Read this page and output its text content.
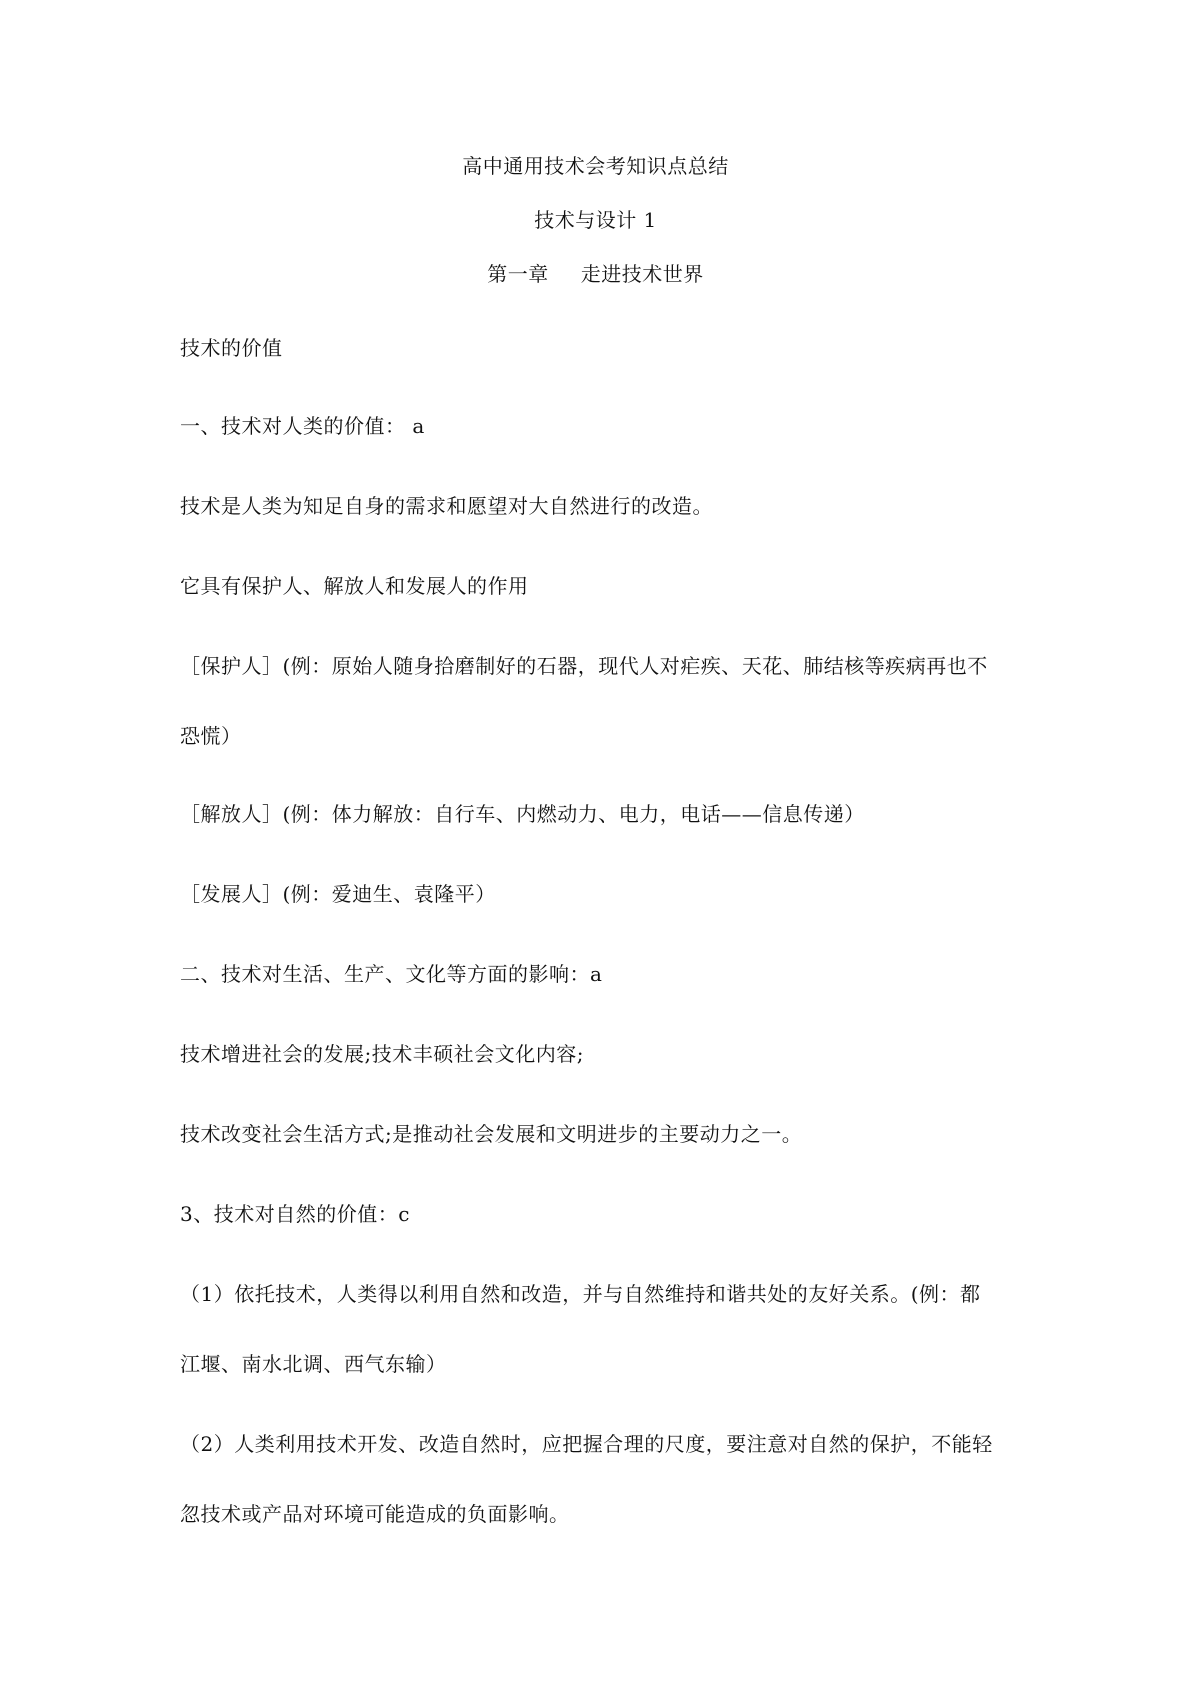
高中通用技术会考知识点总结
技术与设计 1
第一章 走进技术世界
技术的价值
一、技术对人类的价值： a
技术是人类为知足自身的需求和愿望对大自然进行的改造。
它具有保护人、解放人和发展人的作用
［保护人］(例：原始人随身拾磨制好的石器，现代人对疟疾、天花、肺结核等疾病再也不
恐慌）
［解放人］(例：体力解放：自行车、内燃动力、电力，电话——信息传递）
［发展人］(例：爱迪生、袁隆平）
二、技术对生活、生产、文化等方面的影响：a
技术增进社会的发展;技术丰硕社会文化内容;
技术改变社会生活方式;是推动社会发展和文明进步的主要动力之一。
3、技术对自然的价值：c
（1）依托技术，人类得以利用自然和改造，并与自然维持和谐共处的友好关系。(例：都
江堰、南水北调、西气东输）
（2）人类利用技术开发、改造自然时，应把握合理的尺度，要注意对自然的保护，不能轻
忽技术或产品对环境可能造成的负面影响。
